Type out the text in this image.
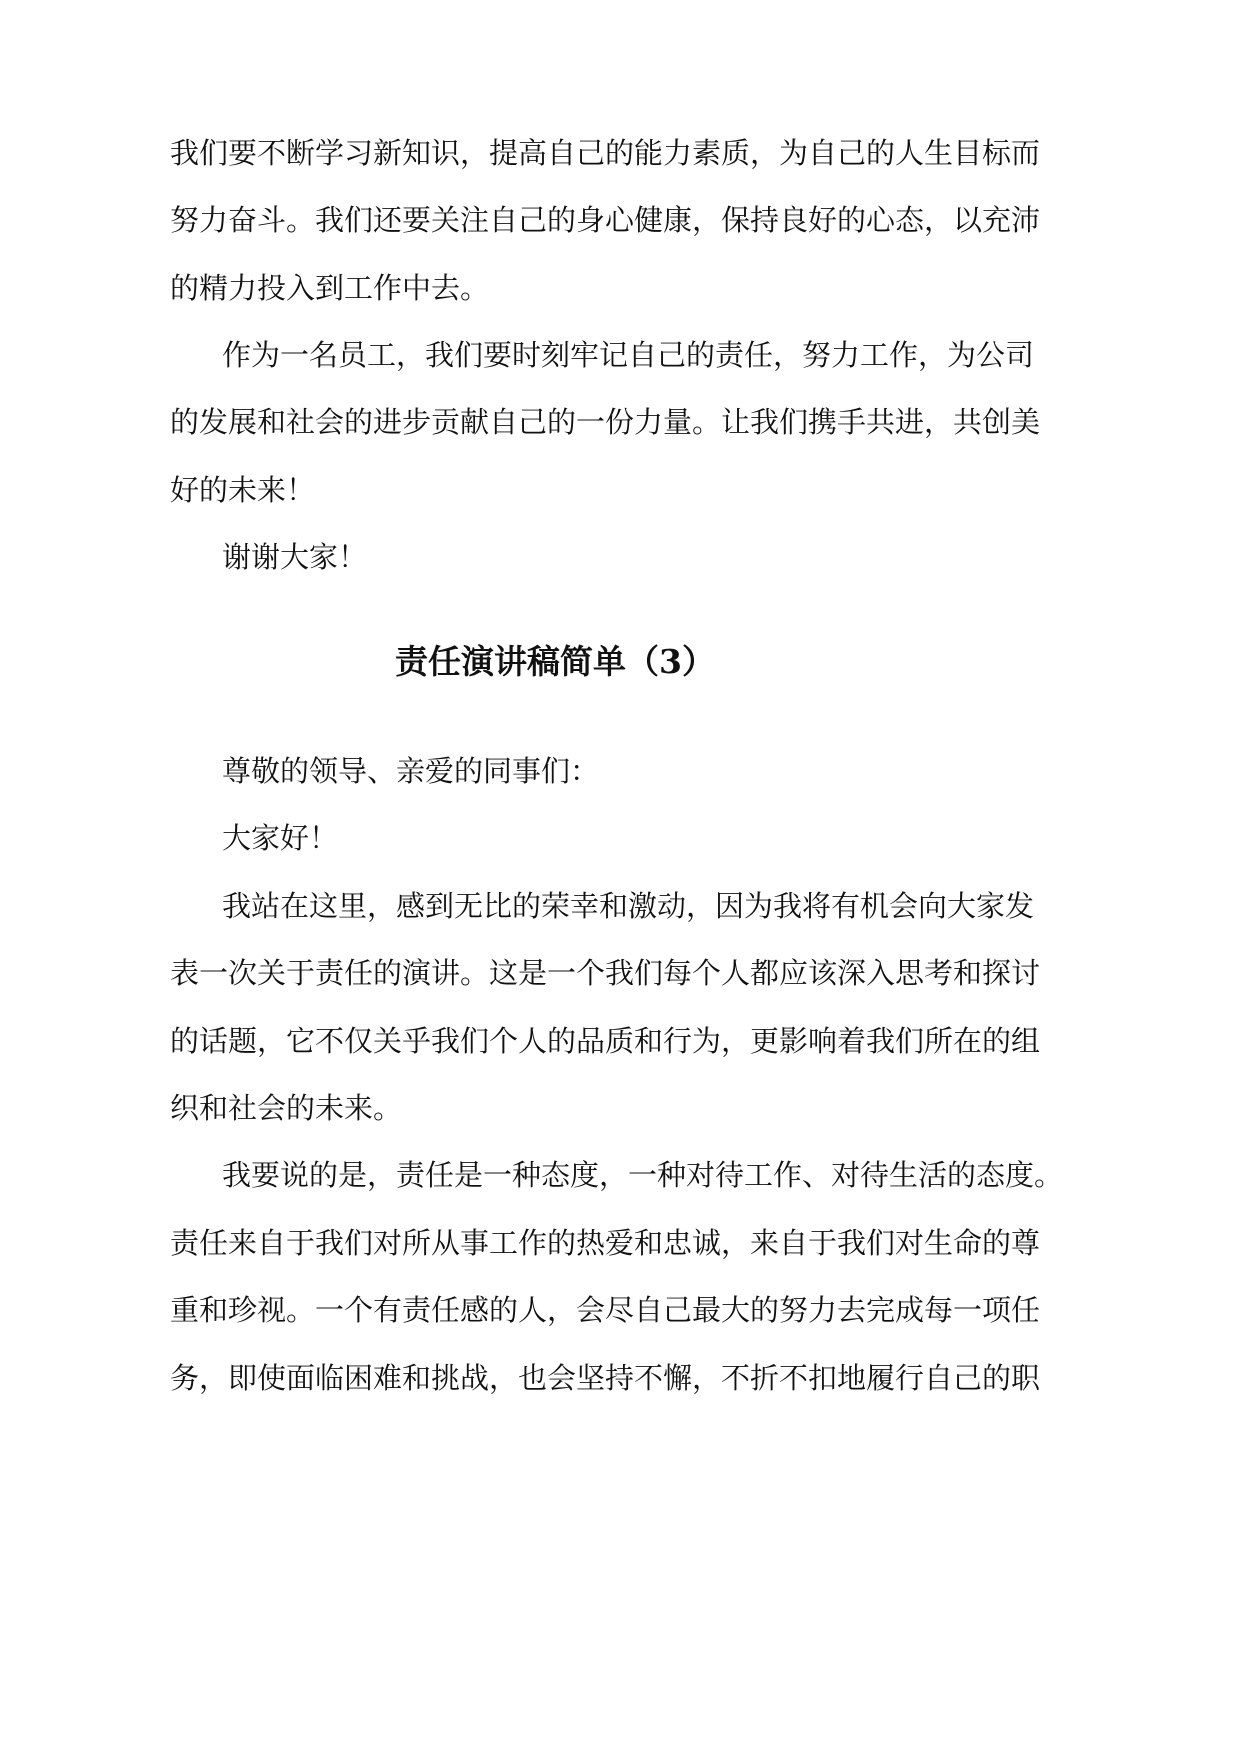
我们要不断学习新知识，提高自己的能力素质，为自己的人生目标而
努力奋斗。我们还要关注自己的身心健康，保持良好的心态，以充沛
的精力投入到工作中去。
作为一名员工，我们要时刻牢记自己的责任，努力工作，为公司
的发展和社会的进步贡献自己的一份力量。让我们携手共进，共创美
好的未来！
谢谢大家！
责任演讲稿简单（3）
尊敬的领导、亲爱的同事们：
大家好！
我站在这里，感到无比的荣幸和激动，因为我将有机会向大家发
表一次关于责任的演讲。这是一个我们每个人都应该深入思考和探讨
的话题，它不仅关乎我们个人的品质和行为，更影响着我们所在的组
织和社会的未来。
我要说的是，责任是一种态度，一种对待工作、对待生活的态度。
责任来自于我们对所从事工作的热爱和忠诚，来自于我们对生命的尊
重和珍视。一个有责任感的人，会尽自己最大的努力去完成每一项任
务，即使面临困难和挑战，也会坚持不懈，不折不扣地履行自己的职
